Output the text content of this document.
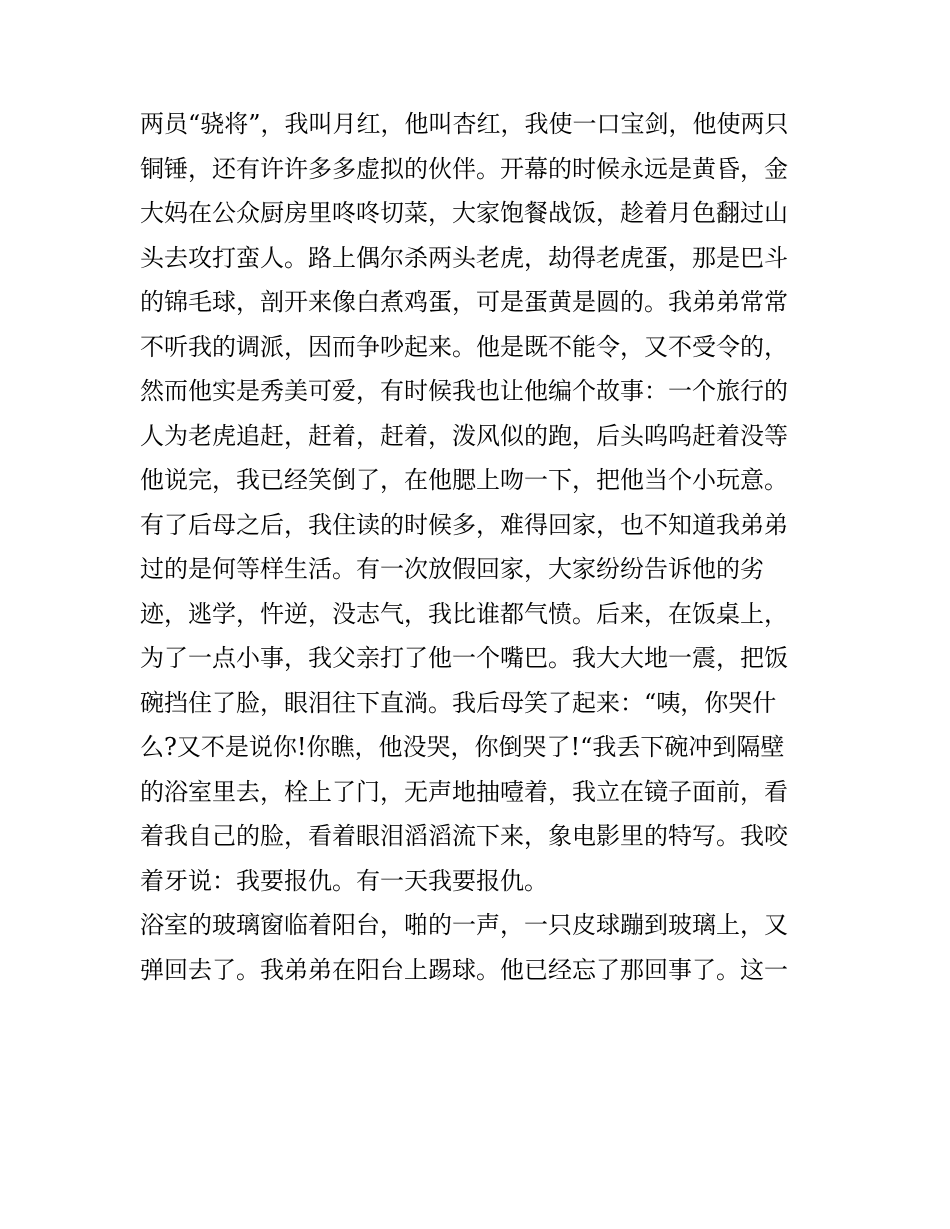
两员“骁将”，我叫月红，他叫杏红，我使一口宝剑，他使两只
铜锤，还有许许多多虚拟的伙伴。开幕的时候永远是黄昏，金
大妈在公众厨房里咚咚切菜，大家饱餐战饭，趁着月色翻过山
头去攻打蛮人。路上偶尔杀两头老虎，劫得老虎蛋，那是巴斗
的锦毛球，剖开来像白煮鸡蛋，可是蛋黄是圆的。我弟弟常常
不听我的调派，因而争吵起来。他是既不能令，又不受令的，
然而他实是秀美可爱，有时候我也让他编个故事：一个旅行的
人为老虎追赶，赶着，赶着，泼风似的跑，后头呜呜赶着没等
他说完，我已经笑倒了，在他腮上吻一下，把他当个小玩意。
有了后母之后，我住读的时候多，难得回家，也不知道我弟弟
过的是何等样生活。有一次放假回家，大家纷纷告诉他的劣
迹，逃学，忤逆，没志气，我比谁都气愤。后来，在饭桌上，
为了一点小事，我父亲打了他一个嘴巴。我大大地一震，把饭
碗挡住了脸，眼泪往下直淌。我后母笑了起来：“咦，你哭什
么?又不是说你!你瞧，他没哭，你倒哭了!“我丢下碗冲到隔壁
的浴室里去，栓上了门，无声地抽噎着，我立在镜子面前，看
着我自己的脸，看着眼泪滔滔流下来，象电影里的特写。我咬
着牙说：我要报仇。有一天我要报仇。
浴室的玻璃窗临着阳台，啪的一声，一只皮球蹦到玻璃上，又
弹回去了。我弟弟在阳台上踢球。他已经忘了那回事了。这一
